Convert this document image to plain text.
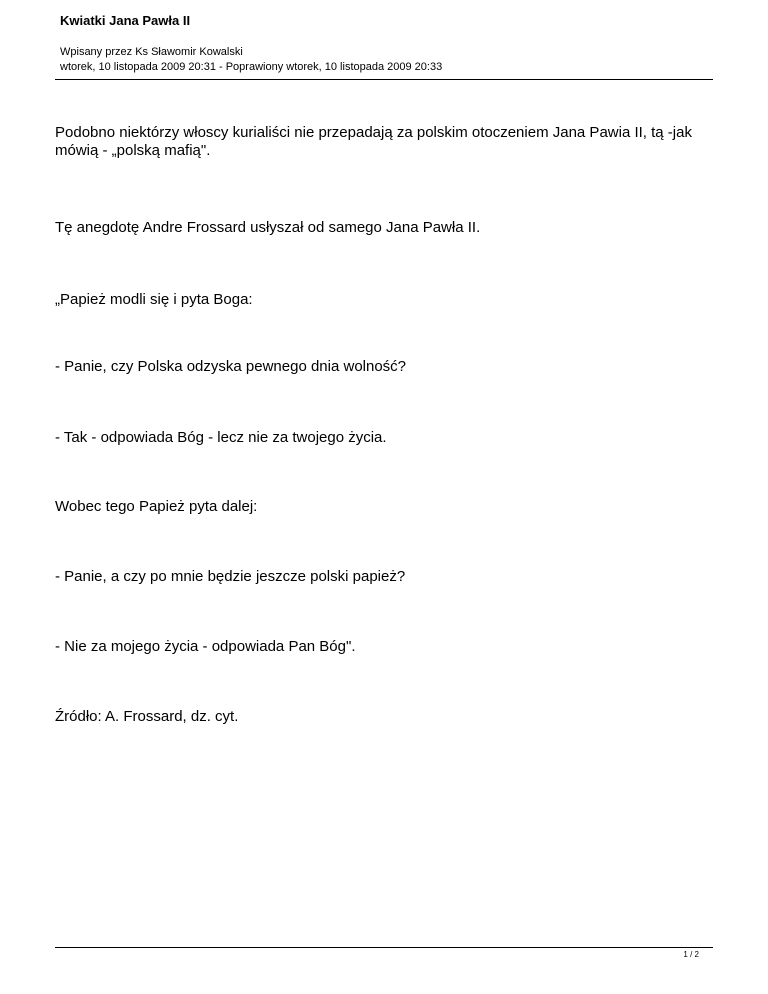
Kwiatki Jana Pawła II
Wpisany przez Ks Sławomir Kowalski
wtorek, 10 listopada 2009 20:31 - Poprawiony wtorek, 10 listopada 2009 20:33

Podobno niektórzy włoscy kurialiści nie przepadają za polskim otoczeniem Jana Pawia II, tą -jak mówią - „polską mafią".

Tę anegdotę Andre Frossard usłyszał od samego Jana Pawła II.

„Papież modli się i pyta Boga:

- Panie, czy Polska odzyska pewnego dnia wolność?

- Tak - odpowiada Bóg - lecz nie za twojego życia.

Wobec tego Papież pyta dalej:

- Panie, a czy po mnie będzie jeszcze polski papież?

- Nie za mojego życia - odpowiada Pan Bóg".

Źródło: A. Frossard, dz. cyt.

1 / 2
